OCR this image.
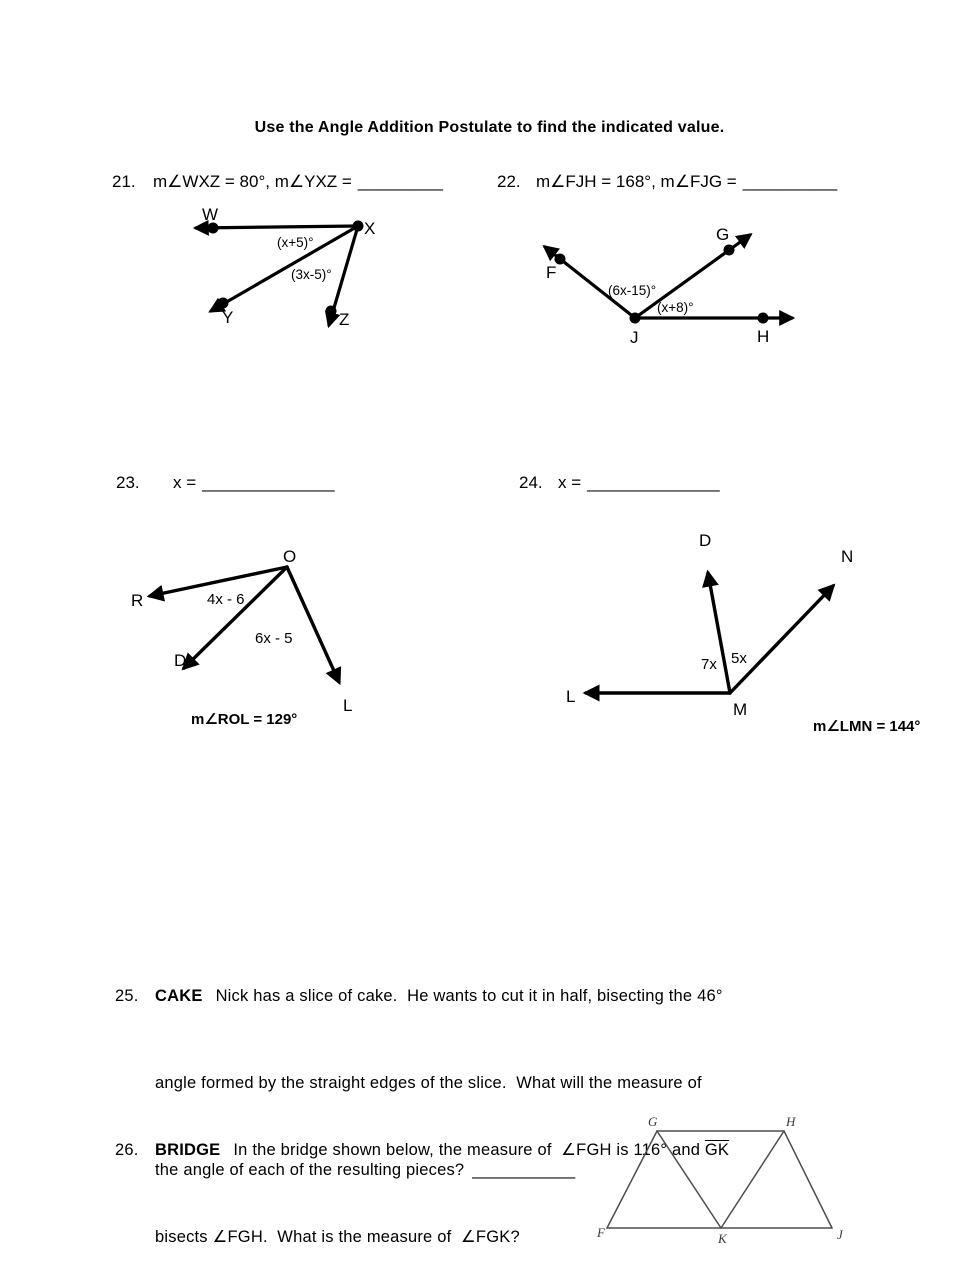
Use the Angle Addition Postulate to find the indicated value.
21. m∠WXZ = 80°, m∠YXZ = _________	22. m∠FJH = 168°, m∠FJG = __________
W
X
Y	Z
(x+5)°
(3x-5)°	F
G
J	H
(6x-15)°
(x+8)°
23. x = ______________	24. x = ______________
O
R
D
L
4x - 6
6x - 5
m∠ROL = 129°
L
D
N
M
7x 5x
m∠LMN = 144°

25. CAKE Nick has a slice of cake.  He wants to cut it in half, bisecting the 46°

angle formed by the straight edges of the slice.  What will the measure of

the angle of each of the resulting pieces? ___________

26. BRIDGE In the bridge shown below, the measure of  ∠FGH is 116° and $\overline{GK}$

bisects ∠FGH.  What is the measure of  ∠FGK?

	F
G	H
K	J
